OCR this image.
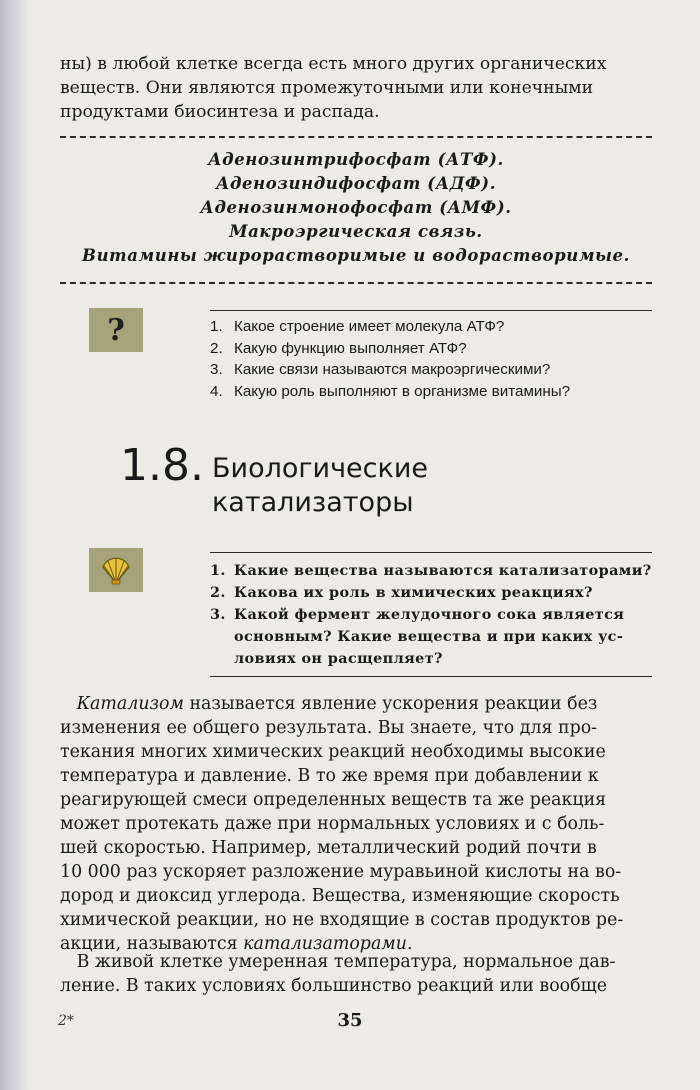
ны) в любой клетке всегда есть много других органических
веществ. Они являются промежуточными или конечными
продуктами биосинтеза и распада.
Аденозинтрифосфат (АТФ).
Аденозиндифосфат (АДФ).
Аденозинмонофосфат (АМФ).
Макроэргическая связь.
Витамины жирорастворимые и водорастворимые.
?	1. Какое строение имеет молекула АТФ?
2. Какую функцию выполняет АТФ?
3. Какие связи называются макроэргическими?
4. Какую роль выполняют в организме витамины?
1.8. Биологические
катализаторы
1. Какие вещества называются катализаторами?
2. Какова их роль в химических реакциях?
3. Какой фермент желудочного сока является
основным? Какие вещества и при каких ус-
ловиях он расщепляет?
Катализом называется явление ускорения реакции без
изменения ее общего результата. Вы знаете, что для про-
текания многих химических реакций необходимы высокие
температура и давление. В то же время при добавлении к
реагирующей смеси определенных веществ та же реакция
может протекать даже при нормальных условиях и с боль-
шей скоростью. Например, металлический родий почти в
10 000 раз ускоряет разложение муравьиной кислоты на во-
дород и диоксид углерода. Вещества, изменяющие скорость
химической реакции, но не входящие в состав продуктов ре-
акции, называются катализаторами.
В живой клетке умеренная температура, нормальное дав-
ление. В таких условиях большинство реакций или вообще
2*	35
